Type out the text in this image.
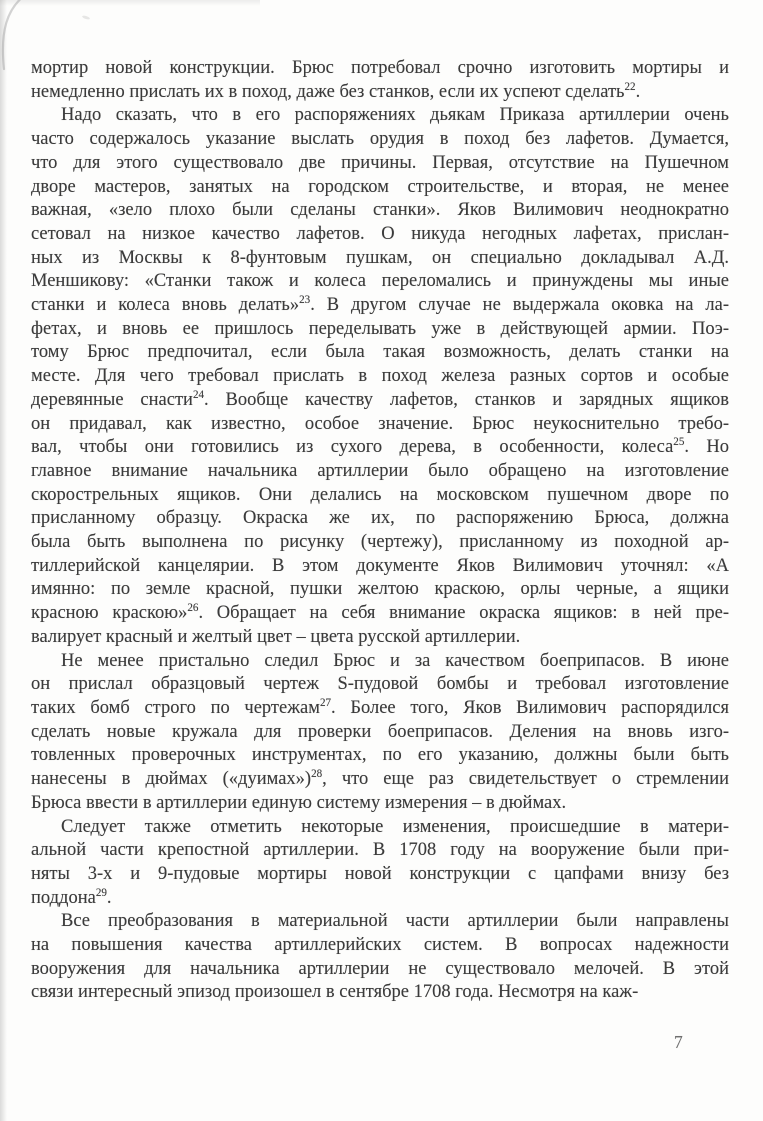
мортир новой конструкции. Брюс потребовал срочно изготовить мортиры и
немедленно прислать их в поход, даже без станков, если их успеют сделать$^{22}$.
Надо сказать, что в его распоряжениях дьякам Приказа артиллерии очень
часто содержалось указание выслать орудия в поход без лафетов. Думается,
что для этого существовало две причины. Первая, отсутствие на Пушечном
дворе мастеров, занятых на городском строительстве, и вторая, не менее
важная, «зело плохо были сделаны станки». Яков Вилимович неоднократно
сетовал на низкое качество лафетов. О никуда негодных лафетах, прислан-
ных из Москвы к 8-фунтовым пушкам, он специально докладывал А.Д.
Меншикову: «Станки також и колеса переломались и принуждены мы иные
станки и колеса вновь делать»$^{23}$. В другом случае не выдержала оковка на ла-
фетах, и вновь ее пришлось переделывать уже в действующей армии. Поэ-
тому Брюс предпочитал, если была такая возможность, делать станки на
месте. Для чего требовал прислать в поход железа разных сортов и особые
деревянные снасти$^{24}$. Вообще качеству лафетов, станков и зарядных ящиков
он придавал, как известно, особое значение. Брюс неукоснительно требо-
вал, чтобы они готовились из сухого дерева, в особенности, колеса$^{25}$. Но
главное внимание начальника артиллерии было обращено на изготовление
скорострельных ящиков. Они делались на московском пушечном дворе по
присланному образцу. Окраска же их, по распоряжению Брюса, должна
была быть выполнена по рисунку (чертежу), присланному из походной ар-
тиллерийской канцелярии. В этом документе Яков Вилимович уточнял: «А
имянно: по земле красной, пушки желтою краскою, орлы черные, а ящики
красною краскою»$^{26}$. Обращает на себя внимание окраска ящиков: в ней пре-
валирует красный и желтый цвет – цвета русской артиллерии.
Не менее пристально следил Брюс и за качеством боеприпасов. В июне
он прислал образцовый чертеж S-пудовой бомбы и требовал изготовление
таких бомб строго по чертежам$^{27}$. Более того, Яков Вилимович распорядился
сделать новые кружала для проверки боеприпасов. Деления на вновь изго-
товленных проверочных инструментах, по его указанию, должны были быть
нанесены в дюймах («дуимах»)$^{28}$, что еще раз свидетельствует о стремлении
Брюса ввести в артиллерии единую систему измерения – в дюймах.
Следует также отметить некоторые изменения, происшедшие в матери-
альной части крепостной артиллерии. В 1708 году на вооружение были при-
няты 3-х и 9-пудовые мортиры новой конструкции с цапфами внизу без
поддона$^{29}$.
Все преобразования в материальной части артиллерии были направлены
на повышения качества артиллерийских систем. В вопросах надежности
вооружения для начальника артиллерии не существовало мелочей. В этой
связи интересный эпизод произошел в сентябре 1708 года. Несмотря на каж-
7
